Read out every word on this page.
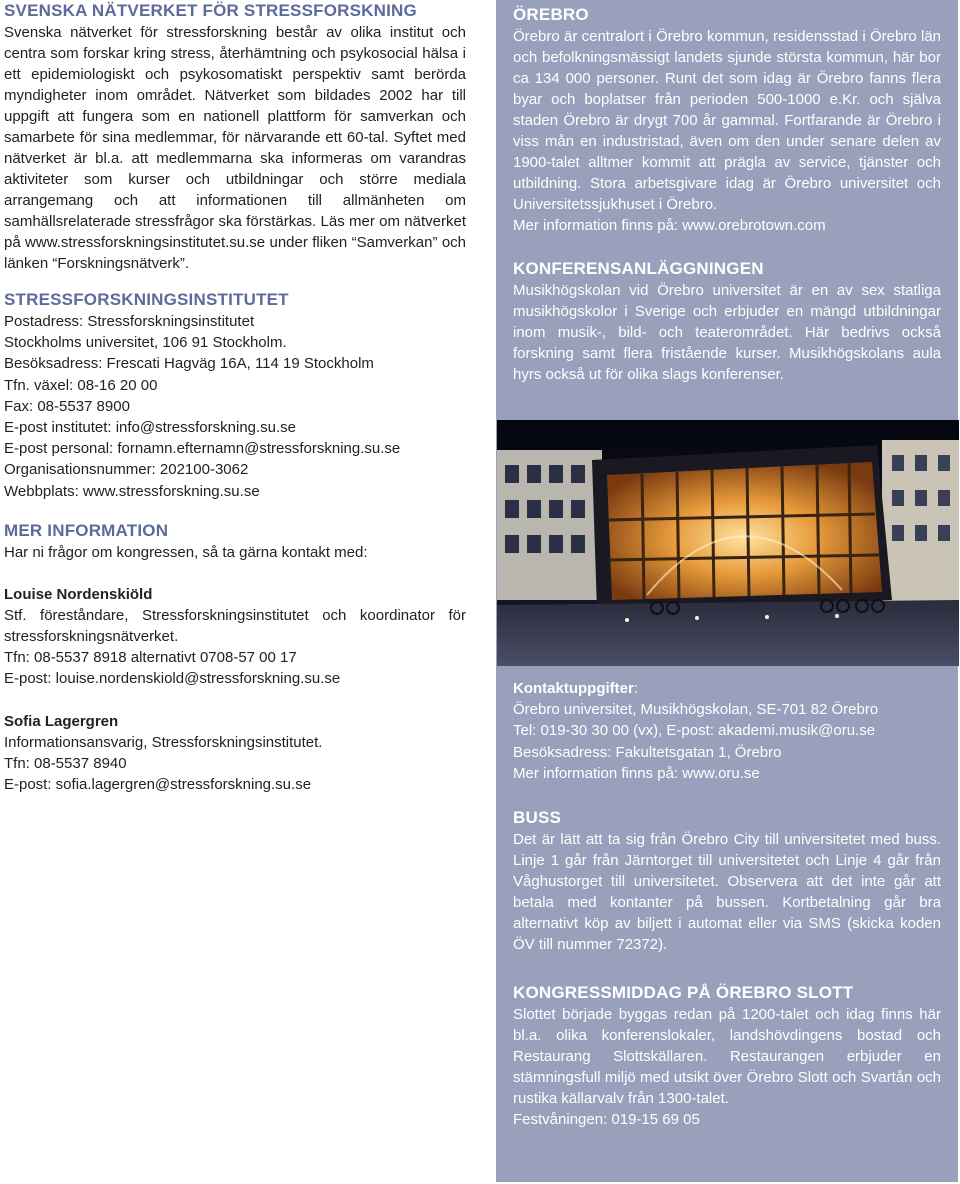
SVENSKA NÄTVERKET FÖR STRESSFORSKNING

Svenska nätverket för stressforskning består av olika institut och centra som forskar kring stress, återhämtning och psykosocial hälsa i ett epidemiologiskt och psykosomatiskt perspektiv samt berörda myndigheter inom området. Nätverket som bildades 2002 har till uppgift att fungera som en nationell plattform för samverkan och samarbete för sina medlemmar, för närvarande ett 60-tal. Syftet med nätverket är bl.a. att medlemmarna ska informeras om varandras aktiviteter som kurser och utbildningar och större mediala arrangemang och att informationen till allmänheten om samhällsrelaterade stressfrågor ska förstärkas. Läs mer om nätverket på www.stressforskningsinstitutet.su.se under fliken “Samverkan” och länken “Forskningsnätverk”.

STRESSFORSKNINGSINSTITUTET

Postadress: Stressforskningsinstitutet

Stockholms universitet, 106 91 Stockholm.

Besöksadress: Frescati Hagväg 16A, 114 19 Stockholm

Tfn. växel: 08-16 20 00

Fax: 08-5537 8900

E-post institutet: info@stressforskning.su.se

E-post personal: fornamn.efternamn@stressforskning.su.se

Organisationsnummer: 202100-3062

Webbplats: www.stressforskning.su.se

MER INFORMATION

Har ni frågor om kongressen, så ta gärna kontakt med:

Louise Nordenskiöld

Stf. föreståndare, Stressforskningsinstitutet och koordinator för stressforskningsnätverket.

Tfn: 08-5537 8918 alternativt 0708-57 00 17

E-post: louise.nordenskiold@stressforskning.su.se

Sofia Lagergren

Informationsansvarig, Stressforskningsinstitutet.

Tfn: 08-5537 8940

E-post: sofia.lagergren@stressforskning.su.se

ÖREBRO

Örebro är centralort i Örebro kommun, residensstad i Örebro län och befolkningsmässigt landets sjunde största kommun, här bor ca 134 000 personer. Runt det som idag är Örebro fanns flera byar och boplatser från perioden 500-1000 e.Kr. och själva staden Örebro är drygt 700 år gammal. Fortfarande är Örebro i viss mån en industristad, även om den under senare delen av 1900-talet alltmer kommit att prägla av service, tjänster och utbildning. Stora arbetsgivare idag är Örebro universitet och Universitetssjukhuset i Örebro.

Mer information finns på: www.orebrotown.com

KONFERENSANLÄGGNINGEN

Musikhögskolan vid Örebro universitet är en av sex statliga musikhögskolor i Sverige och erbjuder en mängd utbildningar inom musik-, bild- och teaterområdet. Här bedrivs också forskning samt flera fristående kurser. Musikhögskolans aula hyrs också ut för olika slags konferenser.

Kontaktuppgifter:

Örebro universitet, Musikhögskolan, SE-701 82 Örebro

Tel: 019-30 30 00 (vx), E-post: akademi.musik@oru.se

Besöksadress: Fakultetsgatan 1, Örebro

Mer information finns på: www.oru.se

BUSS

Det är lätt att ta sig från Örebro City till universitetet med buss. Linje 1 går från Järntorget till universitetet och Linje 4 går från Våghustorget till universitetet. Observera att det inte går att betala med kontanter på bussen. Kortbetalning går bra alternativt köp av biljett i automat eller via SMS (skicka koden ÖV till nummer 72372).

KONGRESSMIDDAG PÅ ÖREBRO SLOTT

Slottet började byggas redan på 1200-talet och idag finns här bl.a. olika konferenslokaler, landshövdingens bostad och Restaurang Slottskällaren. Restaurangen erbjuder en stämningsfull miljö med utsikt över Örebro Slott och Svartån och rustika källarvalv från 1300-talet.

Festvåningen: 019-15 69 05
